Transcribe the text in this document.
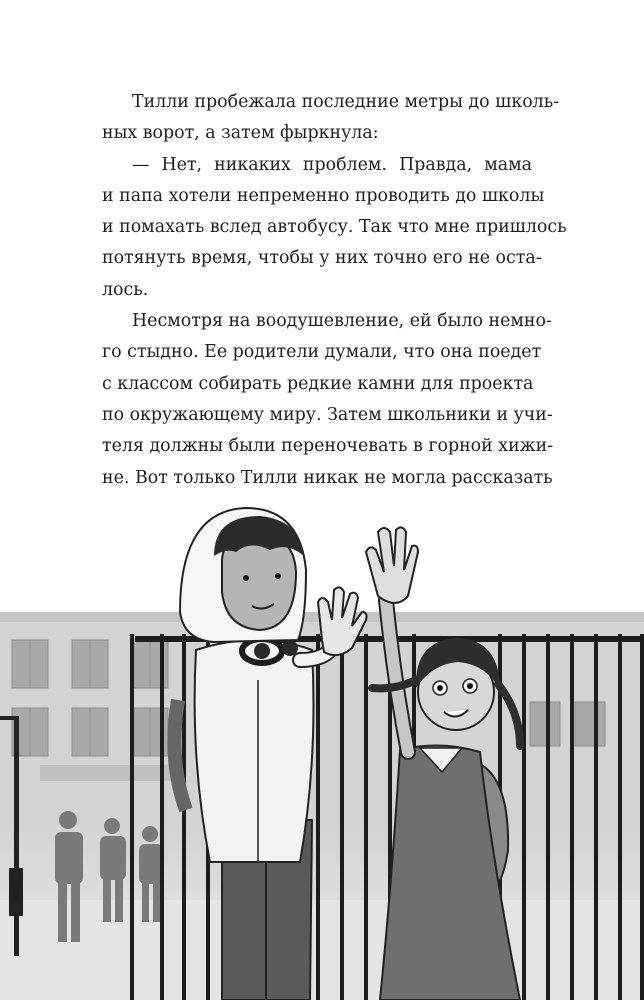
Тилли пробежала последние метры до школь-
ных ворот, а затем фыркнула:

— Нет, никаких проблем. Правда, мама
и папа хотели непременно проводить до школы
и помахать вслед автобусу. Так что мне пришлось
потянуть время, чтобы у них точно его не оста-
лось.

Несмотря на воодушевление, ей было немно-
го стыдно. Ее родители думали, что она поедет
с классом собирать редкие камни для проекта
по окружающему миру. Затем школьники и учи-
теля должны были переночевать в горной хижи-
не. Вот только Тилли никак не могла рассказать
